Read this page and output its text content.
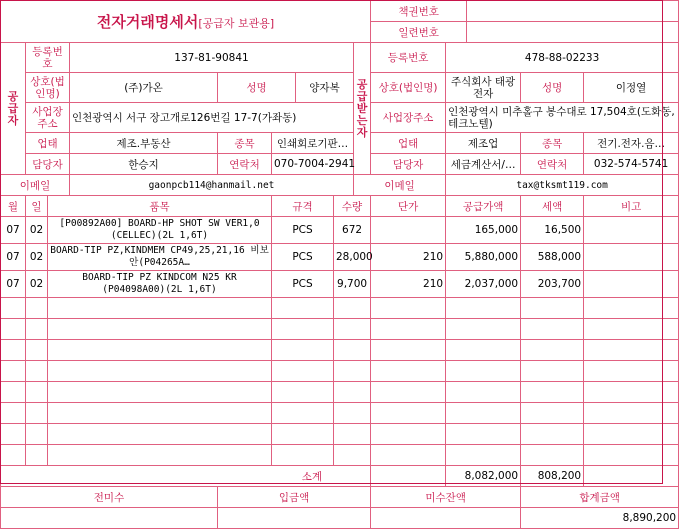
전자거래명세서[공급자 보관용]									책권번호				
									일련번호				
공급자	등록번호		137-81-90841					공급받는자	등록번호	478-88-02233			
	상호(법인명)		(주)가온	성명		양자복			상호(법인명)	주식회사 태광전자		성명	이정열
	사업장주소		인천광역시 서구 장고개로126번길 17-7(가좌동)						사업장주소	인천광역시 미추홀구 봉수대로 17,504호(도화동,테크노텔)			
	업태		제조.부동산	종목	인쇄회로기판…				업태	제조업		종목	전기.전자.음…
	담당자		한승지	연락처	070-7004-2941				담당자	세금계산서/…		연락처	032-574-5741
이메일			gaonpcb114@hanmail.net					이메일		tax@tksmt119.com			
월	일	품목			규격		수량		단가	공급가액		세액	비고
07	02	[P00892A00] BOARD-HP SHOT SW VER1,0 (CELLEC)(2L 1,6T)			PCS		672			165,000		16,500	
07	02	BOARD-TIP PZ,KINDMEM CP49,25,21,16 비보안(P04265A…			PCS		28,000		210	5,880,000		588,000	
07	02	BOARD-TIP PZ KINDCOM N25 KR (P04098A00)(2L 1,6T)			PCS		9,700		210	2,037,000		203,700	

소계										8,082,000		808,200	
전미수				입금액					미수잔액			합계금액	
												8,890,200	
